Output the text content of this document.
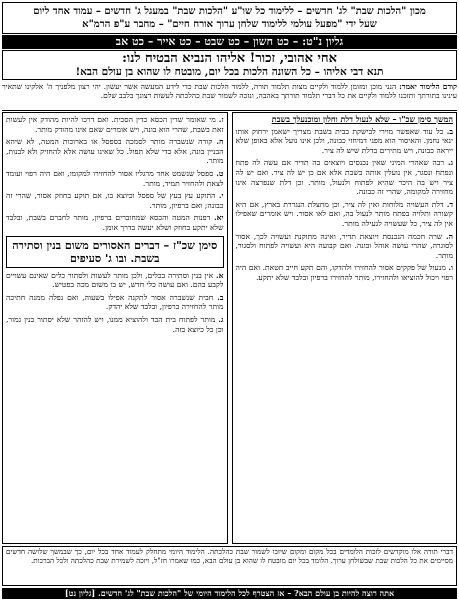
מכון "הלכות שבת" לג' חדשים – ללימוד כל שו"ע "הלכות שבת" במעגל ג' חדשים – עמוד אחד ליום
שעל ידי "מפעל עולמי ללימוד שלחן ערוך אורח חיים" – מחבר ע"פ הרמ"א
גליון נ"ט: – כט חשון – כט שבט – כט אייר – כט אב
אחי אהובי, זכור! אליהו הנביא הבטיח לנו:
תנא דבי אליהו – כל השונה הלכות בכל יום, מובטח לו שהוא בן עולם הבא!
קודם הלימוד יאמר: הנני מוכן ומזומן ללמוד ולקיים מצות תלמוד תורה, ללמוד הלכות שבת כדי לידע המעשה אשר יעשון. יהי רצון מלפניך ה' אלקינו שתאיר עינינו בתורתך ותזכנו ללמוד ולקיים את כל דברי תלמוד תורתך באהבה, ונזכה לשמור שבת כהלכתה לעשות רצונך בלבב שלם.
המשך סימן שכ"ו – שלא לנעול דלת וחלון ומוכנעלך בשבת
ב. כל עוד שאפשר מוירי לבישקת בבית בשבת מצריך ישאמן ירחוק אותו ינאי נחמן. והאיסור הוא מפני דמיחזי כבונה, ולכן אינו נועל אלא באופן שלא ייראה כבונה, ויש מתירים בדלת שיש לה ציר.
ג. רבה שאהרי המיני שאין נכנסים ויוצאים בה תדיר אם עשה לה פתח ונפתח ונסגר, אין נועלין אותה בשבת אלא אם כן יש לה ציר. ואם יש לה ציר ויש בה היכר שהיא לפתוח ולנעול, מותר. וכן דלת שנפרצה אינו מחזירה למקומה, שהרי זה כבונה.
ד. דלת העשויה מלוחות ואין לה ציר, וכן מחצלת הנגררת בארץ, אם היא קשורה ותלויה בפתח מותר לנעול בה, ואם לאו אסור. ויש אומרים שאפילו אין לה ציר, כל שעשויה לנעילה מותר.
ה. שרה חכמה הנכנסת ויוצאת תדיר, ואינה מתוקנת ועשויה לכך, אסור לסוגרה, שהרי עושה אוהל ובונה. ואם קבועה היא ועשויה לפתוח ולסגור, מותר.
ו. מנעול של פקקים אסור להחזירו ולהדקו, והם תקע חייב חטאת. ואם היה רפוי ויכול להוציאו ולהחזירו, מותר להחזירו ברפיון ובלבד שלא יתקע.
ז. מי שאומר שדין הכסא כדין הסכית. ואם דרכו להיות מהודק אין לעשות זאת בשבת, שהרי הוא בונה, ויש אומרים שאם אינו מהודק מותר.
ח. קורה שנשברה מותר לסמכה בספסל או בארוכות המטה, לא שיהא הבניין בונה, אלא כדי שלא תפול. כל שאינו עושה אלא להחזיק ולא לבנות, מותר.
ט. ספסל שנשמט אחד מרגליו אסור להחזירו למקומו, ואם היה רפוי ועומד לצאת ולהחזיר תמיד, מותר.
י. התוקע עץ בעץ של ספסל וכיוצא בו, אם תוקע בחוזק אסור, שהרי זה כבונה; ואם ברפיון, מותר.
יא. דפנות המטה והכסא שמחוברים ברפיון, מותר לחברם בשבת, ובלבד שלא יתקע בחוזק ושלא יעשה בדרך אומן.
סימן שכ"ז – דברים האסורים משום בנין וסתירה בשבת. ובו ג' סעיפים
א. אין בנין וסתירה בכלים, ולכן מותר לעשות ולסתור כלים שאינם עשויים לקבע בהם. ואם עושה כלי חדש, יש בו משום מכה בפטיש.
ב. חבית שנשברה אסור לתקנה אפילו בשעוה, ואם נפלה ממנה חתיכה מותר להחזירה ברפיון, ובלבד שלא יהדק.
ג. מותר לפתוח בית הבד ולהוציא ממנו, ויש להזהר שלא יסתור בנין גמור, וכן כל כיוצא בזה.
דברי תורה אלו מוקדשים לזכות הלומדים בכל מקום ומקום שיזכו לשמור שבת כהלכתה. הלימוד היומי מתחלק לעמוד אחד בכל יום, כך שבמשך שלושה חדשים מסיימים את כל הלכות שבת שבשולחן ערוך. הלומד בכל יום מובטח לו שהוא בן עולם הבא, כמו שאמרו חז"ל, ויזכה לשמירת שבת כהלכתה ולכל הברכות.
אתה רוצה להיות בן עולם הבא? – אז הצטרף לכל הלימוד היומי של "הלכות שבת" לג' חדשים. [גליון נט]
